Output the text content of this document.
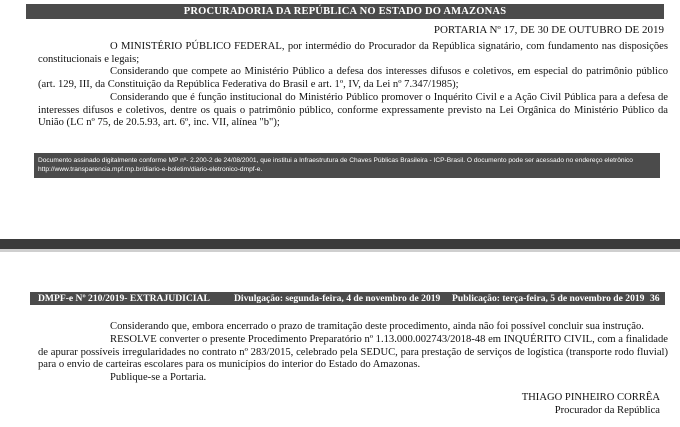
PROCURADORIA DA REPÚBLICA NO ESTADO DO AMAZONAS
PORTARIA Nº 17, DE 30 DE OUTUBRO DE 2019
O MINISTÉRIO PÚBLICO FEDERAL, por intermédio do Procurador da República signatário, com fundamento nas disposições constitucionais e legais;
Considerando que compete ao Ministério Público a defesa dos interesses difusos e coletivos, em especial do patrimônio público (art. 129, III, da Constituição da República Federativa do Brasil e art. 1º, IV, da Lei nº 7.347/1985);
Considerando que é função institucional do Ministério Público promover o Inquérito Civil e a Ação Civil Pública para a defesa de interesses difusos e coletivos, dentre os quais o patrimônio público, conforme expressamente previsto na Lei Orgânica do Ministério Público da União (LC nº 75, de 20.5.93, art. 6º, inc. VII, alínea "b");
Documento assinado digitalmente conforme MP nº- 2.200-2 de 24/08/2001, que institui a Infraestrutura de Chaves Públicas Brasileira - ICP-Brasil. O documento pode ser acessado no endereço eletrônico http://www.transparencia.mpf.mp.br/diario-e-boletim/diario-eletronico-dmpf-e.
DMPF-e Nº 210/2019- EXTRAJUDICIAL	Divulgação: segunda-feira, 4 de novembro de 2019 Publicação: terça-feira, 5 de novembro de 2019 36
Considerando que, embora encerrado o prazo de tramitação deste procedimento, ainda não foi possível concluir sua instrução.
RESOLVE converter o presente Procedimento Preparatório nº 1.13.000.002743/2018-48 em INQUÉRITO CIVIL, com a finalidade de apurar possíveis irregularidades no contrato nº 283/2015, celebrado pela SEDUC, para prestação de serviços de logística (transporte rodo fluvial) para o envio de carteiras escolares para os municípios do interior do Estado do Amazonas.
Publique-se a Portaria.
THIAGO PINHEIRO CORRÊA
Procurador da República
